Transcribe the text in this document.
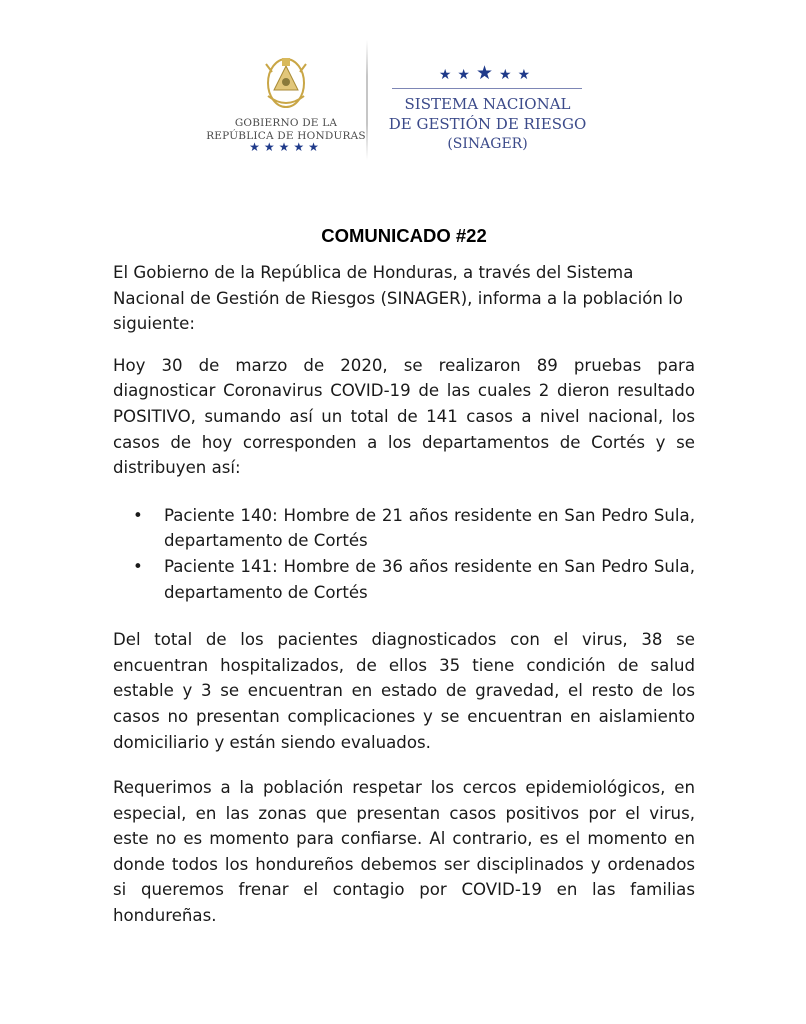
GOBIERNO DE LA
REPÚBLICA DE HONDURAS
★★★★★
★★★★★
SISTEMA NACIONAL
DE GESTIÓN DE RIESGO
(SINAGER)
COMUNICADO #22

El Gobierno de la República de Honduras, a través del Sistema Nacional de Gestión de Riesgos (SINAGER), informa a la población lo siguiente:

Hoy 30 de marzo de 2020, se realizaron 89 pruebas para diagnosticar Coronavirus COVID-19 de las cuales 2 dieron resultado POSITIVO, sumando así un total de 141 casos a nivel nacional, los casos de hoy corresponden a los departamentos de Cortés y se distribuyen así:

• Paciente 140: Hombre de 21 años residente en San Pedro Sula, departamento de Cortés
• Paciente 141: Hombre de 36 años residente en San Pedro Sula, departamento de Cortés

Del total de los pacientes diagnosticados con el virus, 38 se encuentran hospitalizados, de ellos 35 tiene condición de salud estable y 3 se encuentran en estado de gravedad, el resto de los casos no presentan complicaciones y se encuentran en aislamiento domiciliario y están siendo evaluados.

Requerimos a la población respetar los cercos epidemiológicos, en especial, en las zonas que presentan casos positivos por el virus, este no es momento para confiarse. Al contrario, es el momento en donde todos los hondureños debemos ser disciplinados y ordenados si queremos frenar el contagio por COVID-19 en las familias hondureñas.
